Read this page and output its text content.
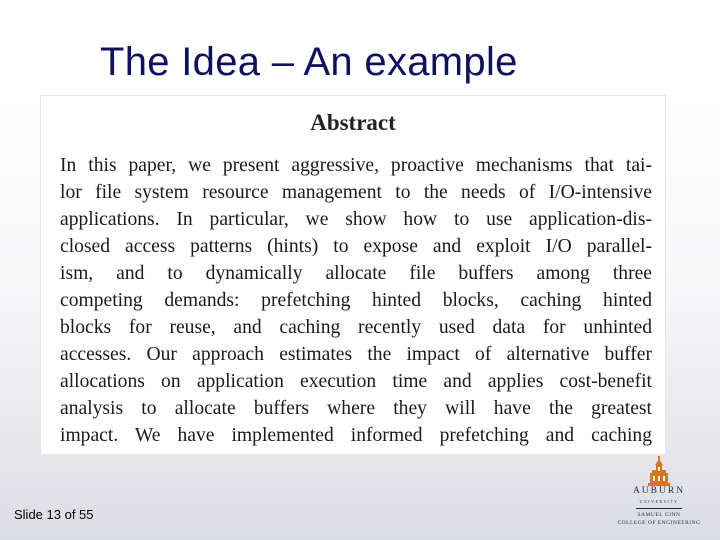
The Idea – An example
Abstract
In this paper, we present aggressive, proactive mechanisms that tai-
lor file system resource management to the needs of I/O-intensive
applications. In particular, we show how to use application-dis-
closed access patterns (hints) to expose and exploit I/O parallel-
ism, and to dynamically allocate file buffers among three
competing demands: prefetching hinted blocks, caching hinted
blocks for reuse, and caching recently used data for unhinted
accesses. Our approach estimates the impact of alternative buffer
allocations on application execution time and applies cost-benefit
analysis to allocate buffers where they will have the greatest
impact. We have implemented informed prefetching and caching
Slide 13 of 55
AUBURN
UNIVERSITY
SAMUEL GINN
COLLEGE OF ENGINEERING
